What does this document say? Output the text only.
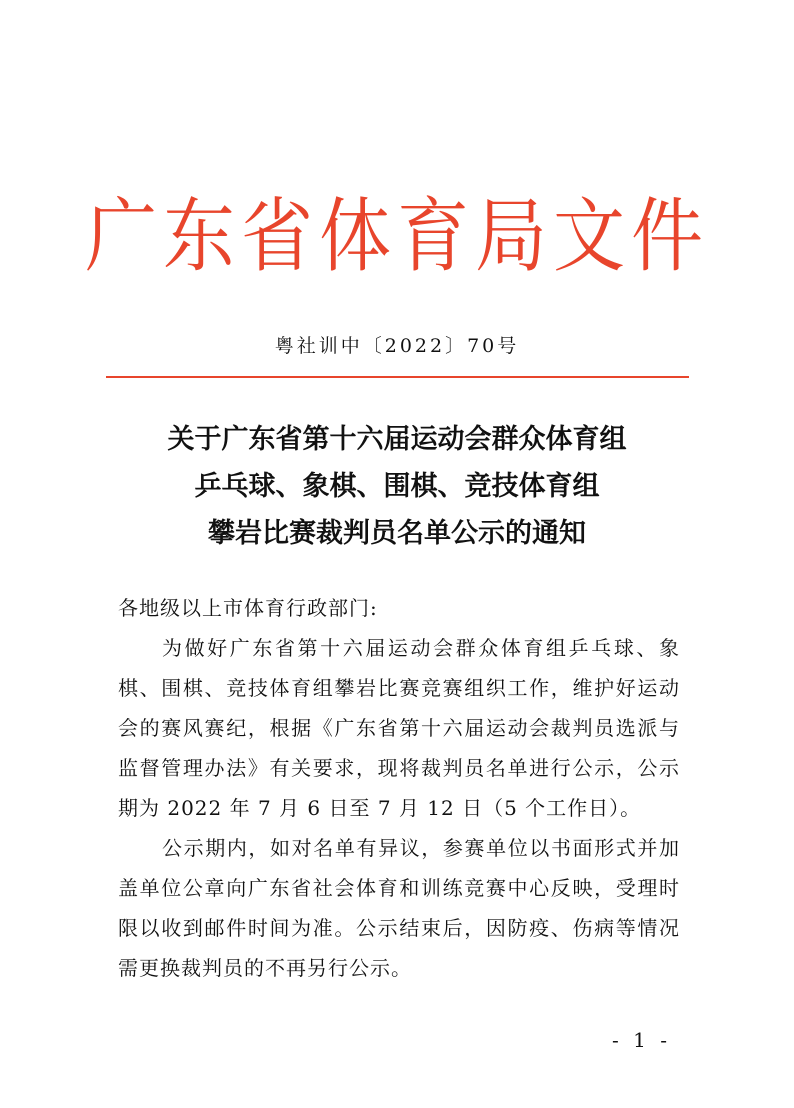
广东省体育局文件
粤社训中〔2022〕70号
关于广东省第十六届运动会群众体育组
乒乓球、象棋、围棋、竞技体育组
攀岩比赛裁判员名单公示的通知

各地级以上市体育行政部门:

为做好广东省第十六届运动会群众体育组乒乓球、象棋、围棋、竞技体育组攀岩比赛竞赛组织工作，维护好运动会的赛风赛纪，根据《广东省第十六届运动会裁判员选派与监督管理办法》有关要求，现将裁判员名单进行公示，公示期为 2022 年 7 月 6 日至 7 月 12 日（5 个工作日）。

公示期内，如对名单有异议，参赛单位以书面形式并加盖单位公章向广东省社会体育和训练竞赛中心反映，受理时限以收到邮件时间为准。公示结束后，因防疫、伤病等情况需更换裁判员的不再另行公示。

- 1 -
